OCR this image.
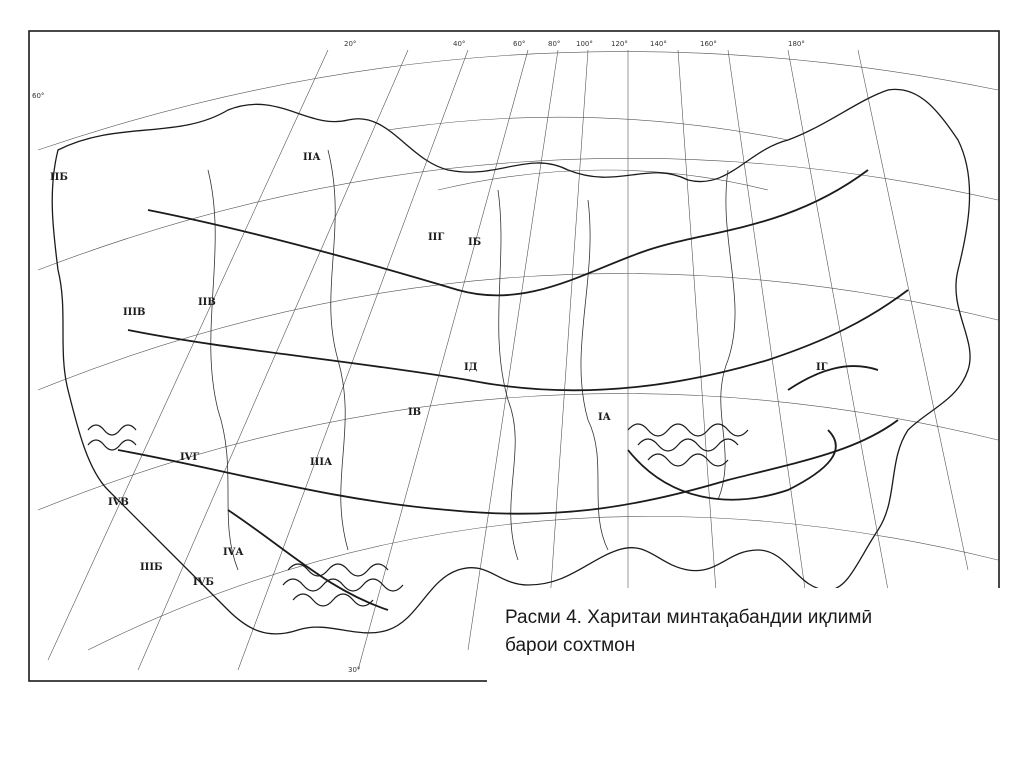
20°	40°	60°	80° 100°	120°	140°	160°	180°
60°
30°
IIА
IIБ
IIВ
IIГ
IIIА
IIIБ
IIIВ
IVА
IVБ
IVВ
IVГ
IА
IБ
IВ
IГ
IД
Расми 4. Харитаи минтақабандии иқлимӣ
барои сохтмон
